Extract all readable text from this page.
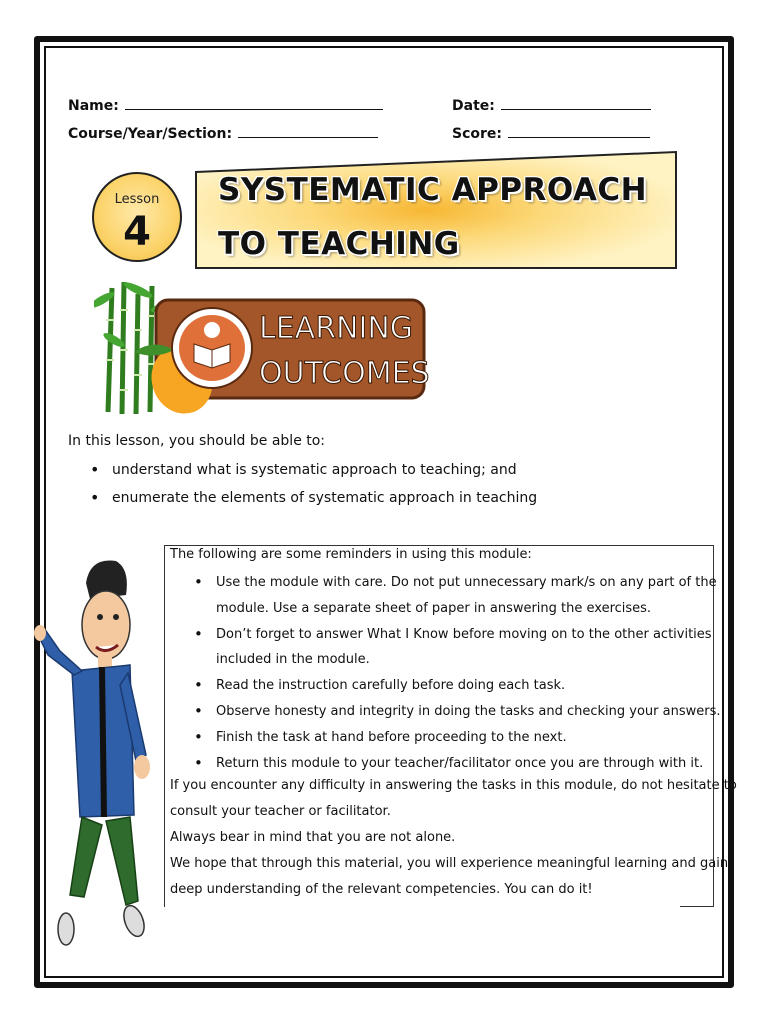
Name:	Date:
Course/Year/Section:	Score:
Lesson
4
SYSTEMATIC APPROACH
TO TEACHING
LEARNING
OUTCOMES
In this lesson, you should be able to:
• understand what is systematic approach to teaching; and
• enumerate the elements of systematic approach in teaching
The following are some reminders in using this module:
• Use the module with care. Do not put unnecessary mark/s on any part of the
module. Use a separate sheet of paper in answering the exercises.
• Don’t forget to answer What I Know before moving on to the other activities
included in the module.
• Read the instruction carefully before doing each task.
• Observe honesty and integrity in doing the tasks and checking your answers.
• Finish the task at hand before proceeding to the next.
• Return this module to your teacher/facilitator once you are through with it.
If you encounter any difficulty in answering the tasks in this module, do not hesitate to
consult your teacher or facilitator.
Always bear in mind that you are not alone.
We hope that through this material, you will experience meaningful learning and gain
deep understanding of the relevant competencies. You can do it!
